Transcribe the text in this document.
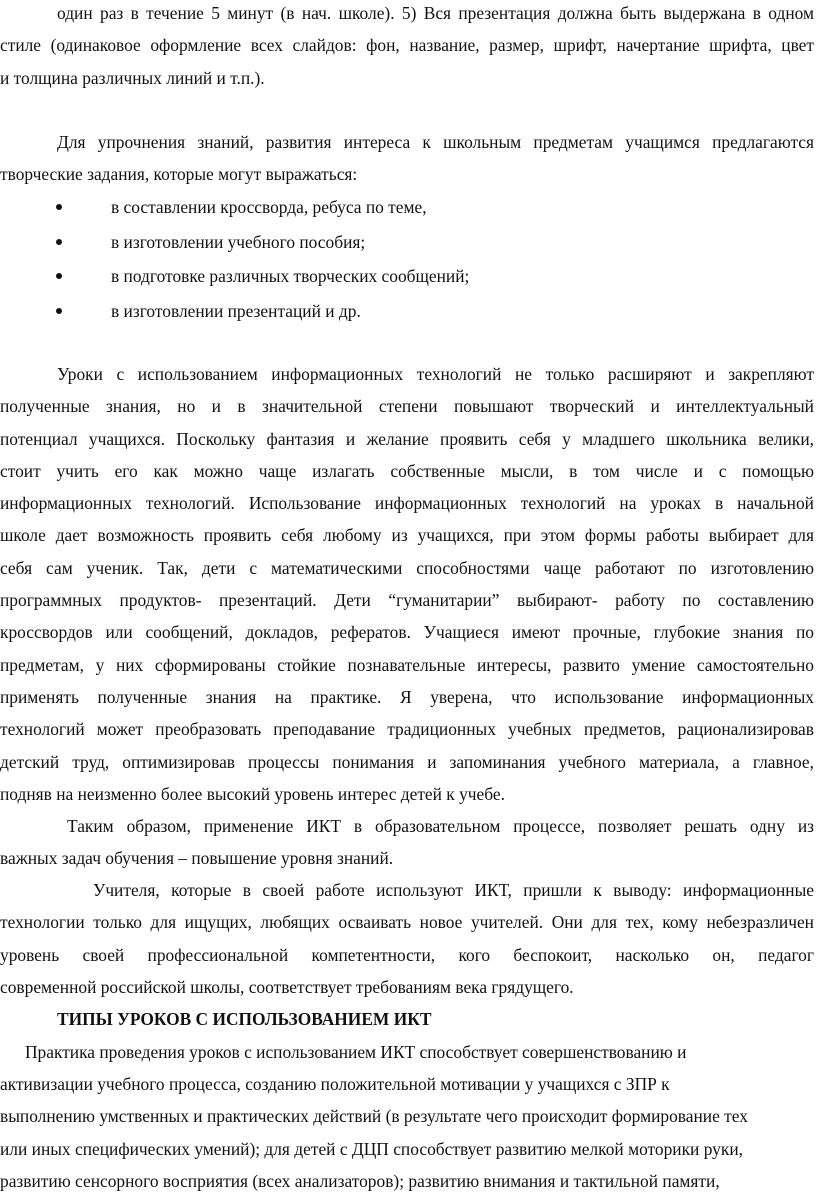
один раз в течение 5 минут (в нач. школе). 5) Вся презентация должна быть выдержана в одном
стиле (одинаковое оформление всех слайдов: фон, название, размер, шрифт, начертание шрифта, цвет
и толщина различных линий и т.п.).
Для упрочнения знаний, развития интереса к школьным предметам учащимся предлагаются
творческие задания, которые могут выражаться:
в составлении кроссворда, ребуса по теме,
в изготовлении учебного пособия;
в подготовке различных творческих сообщений;
в изготовлении презентаций и др.
Уроки с использованием информационных технологий не только расширяют и закрепляют
полученные знания, но и в значительной степени повышают творческий и интеллектуальный
потенциал учащихся. Поскольку фантазия и желание проявить себя у младшего школьника велики,
стоит учить его как можно чаще излагать собственные мысли, в том числе и с помощью
информационных технологий. Использование информационных технологий на уроках в начальной
школе дает возможность проявить себя любому из учащихся, при этом формы работы выбирает для
себя сам ученик. Так, дети с математическими способностями чаще работают по изготовлению
программных продуктов- презентаций. Дети “гуманитарии” выбирают- работу по составлению
кроссвордов или сообщений, докладов, рефератов. Учащиеся имеют прочные, глубокие знания по
предметам, у них сформированы стойкие познавательные интересы, развито умение самостоятельно
применять полученные знания на практике. Я уверена, что использование информационных
технологий может преобразовать преподавание традиционных учебных предметов, рационализировав
детский труд, оптимизировав процессы понимания и запоминания учебного материала, а главное,
подняв на неизменно более высокий уровень интерес детей к учебе.
Таким образом, применение ИКТ в образовательном процессе, позволяет решать одну из
важных задач обучения – повышение уровня знаний.
Учителя, которые в своей работе используют ИКТ, пришли к выводу: информационные
технологии только для ищущих, любящих осваивать новое учителей. Они для тех, кому небезразличен
уровень своей профессиональной компетентности, кого беспокоит, насколько он, педагог
современной российской школы, соответствует требованиям века грядущего.
ТИПЫ УРОКОВ С ИСПОЛЬЗОВАНИЕМ ИКТ
Практика проведения уроков с использованием ИКТ способствует совершенствованию и
активизации учебного процесса, созданию положительной мотивации у учащихся с ЗПР к
выполнению умственных и практических действий (в результате чего происходит формирование тех
или иных специфических умений); для детей с ДЦП способствует развитию мелкой моторики руки,
развитию сенсорного восприятия (всех анализаторов); развитию внимания и тактильной памяти,
